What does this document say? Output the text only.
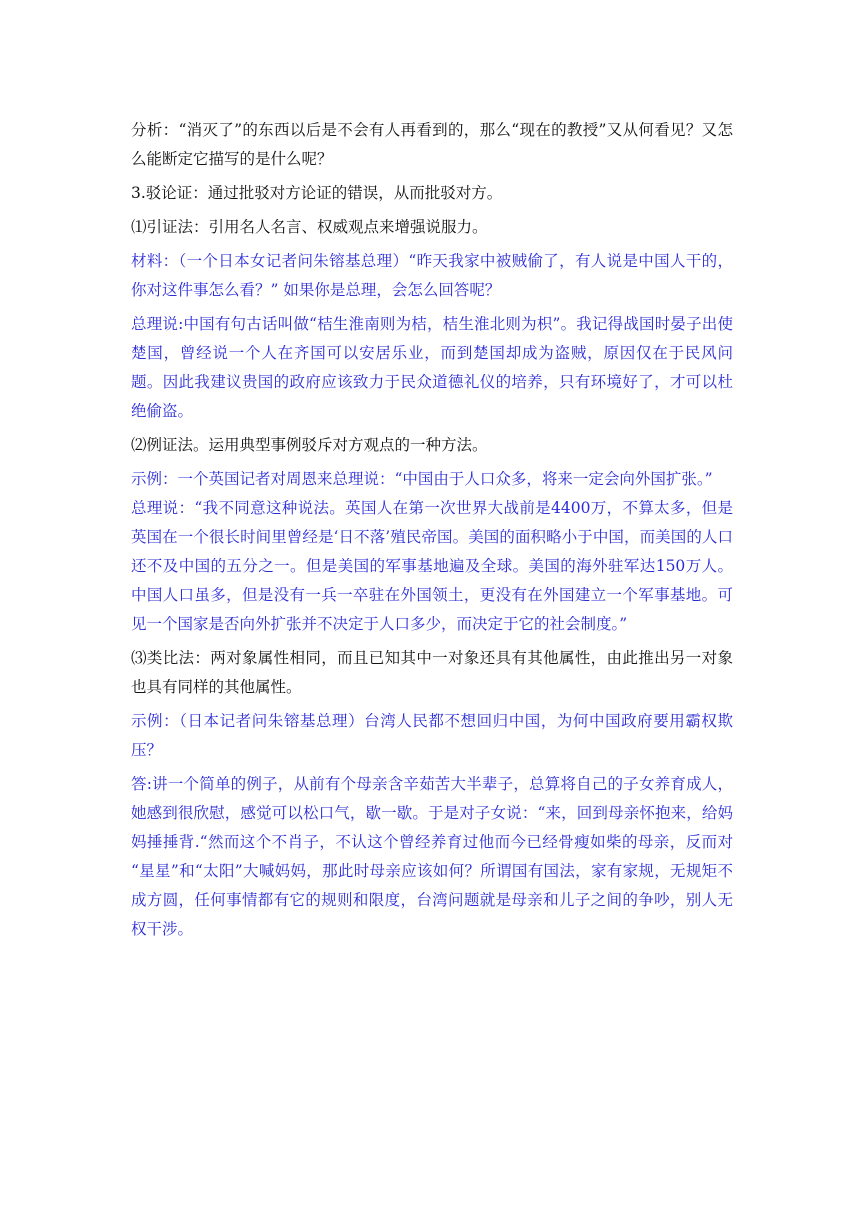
分析：“消灭了”的东西以后是不会有人再看到的，那么“现在的教授”又从何看见？又怎么能断定它描写的是什么呢？

3.驳论证：通过批驳对方论证的错误，从而批驳对方。

⑴引证法：引用名人名言、权威观点来增强说服力。

材料：（一个日本女记者问朱镕基总理）“昨天我家中被贼偷了，有人说是中国人干的，你对这件事怎么看？” 如果你是总理，会怎么回答呢？

总理说:中国有句古话叫做“桔生淮南则为桔，桔生淮北则为枳”。我记得战国时晏子出使楚国，曾经说一个人在齐国可以安居乐业，而到楚国却成为盗贼，原因仅在于民风问题。因此我建议贵国的政府应该致力于民众道德礼仪的培养，只有环境好了，才可以杜绝偷盗。

⑵例证法。运用典型事例驳斥对方观点的一种方法。

示例：一个英国记者对周恩来总理说：“中国由于人口众多，将来一定会向外国扩张。”

总理说：“我不同意这种说法。英国人在第一次世界大战前是4400万，不算太多，但是英国在一个很长时间里曾经是‘日不落’殖民帝国。美国的面积略小于中国，而美国的人口还不及中国的五分之一。但是美国的军事基地遍及全球。美国的海外驻军达150万人。中国人口虽多，但是没有一兵一卒驻在外国领土，更没有在外国建立一个军事基地。可见一个国家是否向外扩张并不决定于人口多少，而决定于它的社会制度。”

⑶类比法：两对象属性相同，而且已知其中一对象还具有其他属性，由此推出另一对象也具有同样的其他属性。

示例：（日本记者问朱镕基总理）台湾人民都不想回归中国，为何中国政府要用霸权欺压？

答:讲一个简单的例子，从前有个母亲含辛茹苦大半辈子，总算将自己的子女养育成人，她感到很欣慰，感觉可以松口气，歇一歇。于是对子女说：“来，回到母亲怀抱来，给妈妈捶捶背.“然而这个不肖子，不认这个曾经养育过他而今已经骨瘦如柴的母亲，反而对 “星星”和“太阳”大喊妈妈，那此时母亲应该如何？所谓国有国法，家有家规，无规矩不成方圆，任何事情都有它的规则和限度，台湾问题就是母亲和儿子之间的争吵，别人无权干涉。
